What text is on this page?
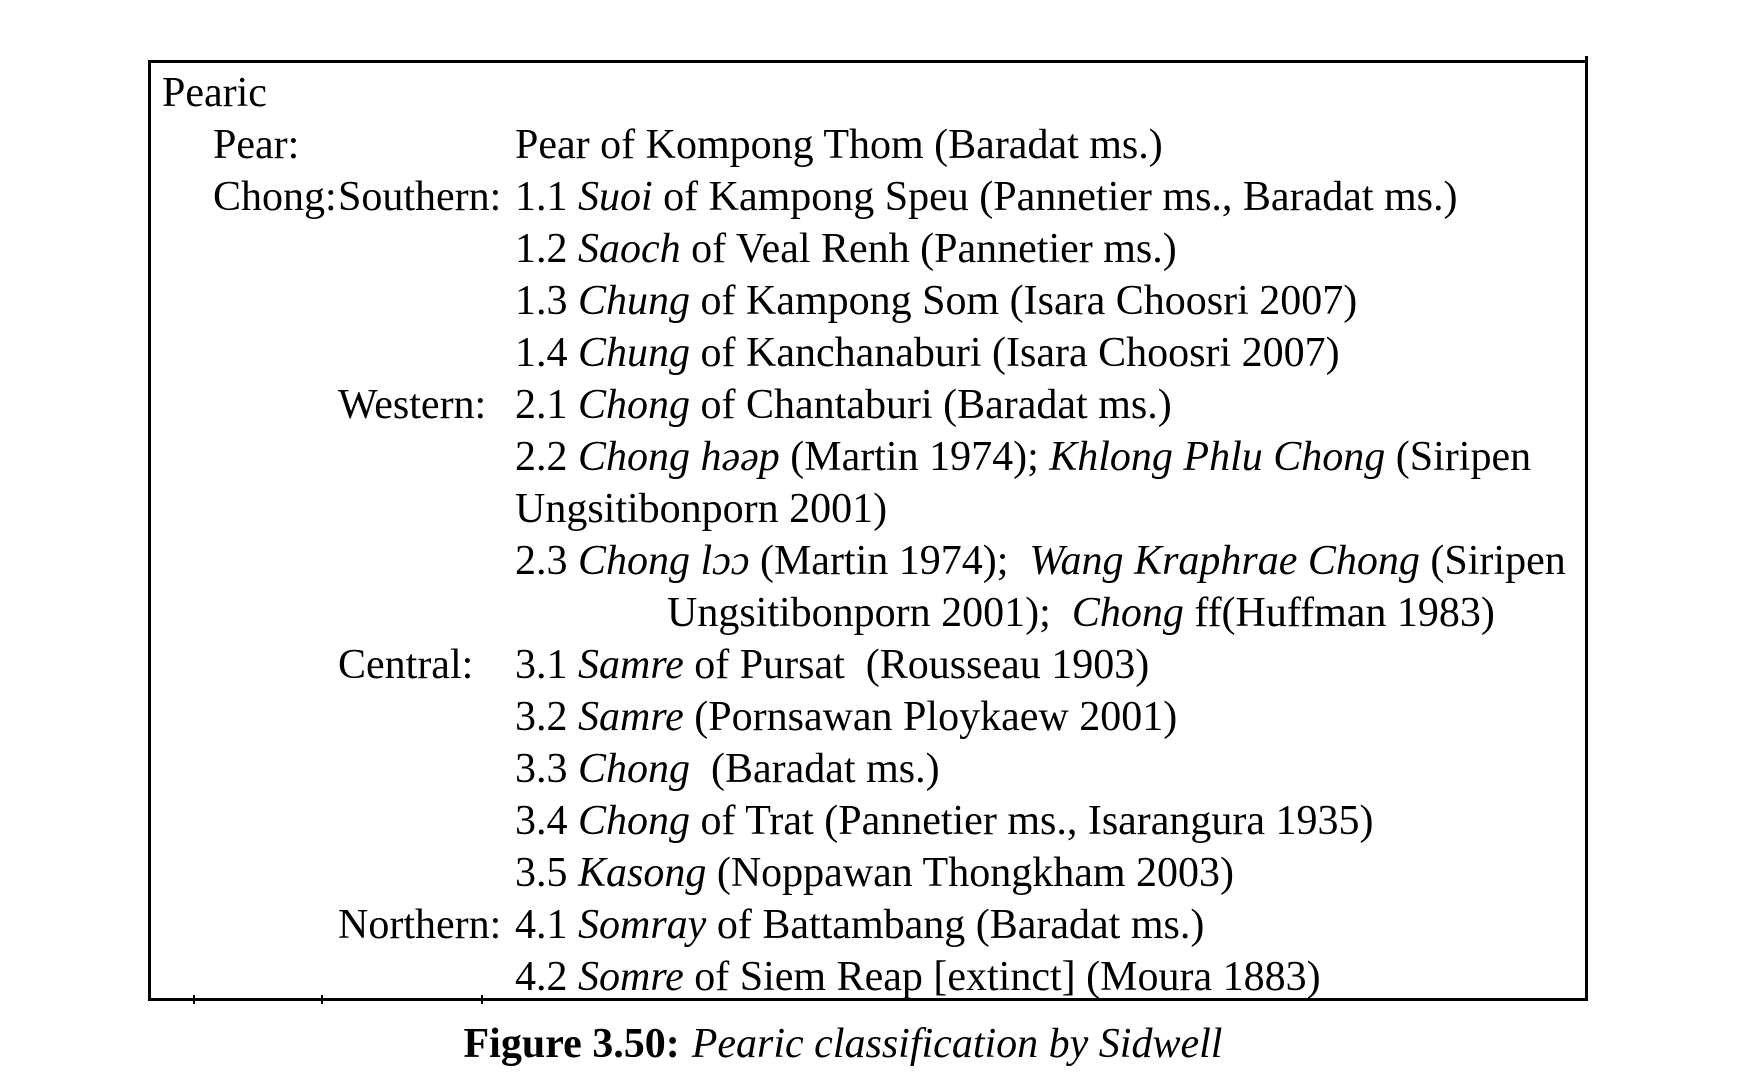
Pearic
Pear:	Pear of Kompong Thom (Baradat ms.)
Chong: Southern: 1.1 Suoi of Kampong Speu (Pannetier ms., Baradat ms.)
1.2 Saoch of Veal Renh (Pannetier ms.)
1.3 Chung of Kampong Som (Isara Choosri 2007)
1.4 Chung of Kanchanaburi (Isara Choosri 2007)
Western: 2.1 Chong of Chantaburi (Baradat ms.)
2.2 Chong həəp (Martin 1974); Khlong Phlu Chong (Siripen
Ungsitibonporn 2001)
2.3 Chong lɔɔ (Martin 1974);  Wang Kraphrae Chong (Siripen
Ungsitibonporn 2001);  Chong ff(Huffman 1983)
Central: 3.1 Samre of Pursat  (Rousseau 1903)
3.2 Samre (Pornsawan Ploykaew 2001)
3.3 Chong  (Baradat ms.)
3.4 Chong of Trat (Pannetier ms., Isarangura 1935)
3.5 Kasong (Noppawan Thongkham 2003)
Northern: 4.1 Somray of Battambang (Baradat ms.)
4.2 Somre of Siem Reap [extinct] (Moura 1883)
Figure 3.50: Pearic classification by Sidwell
